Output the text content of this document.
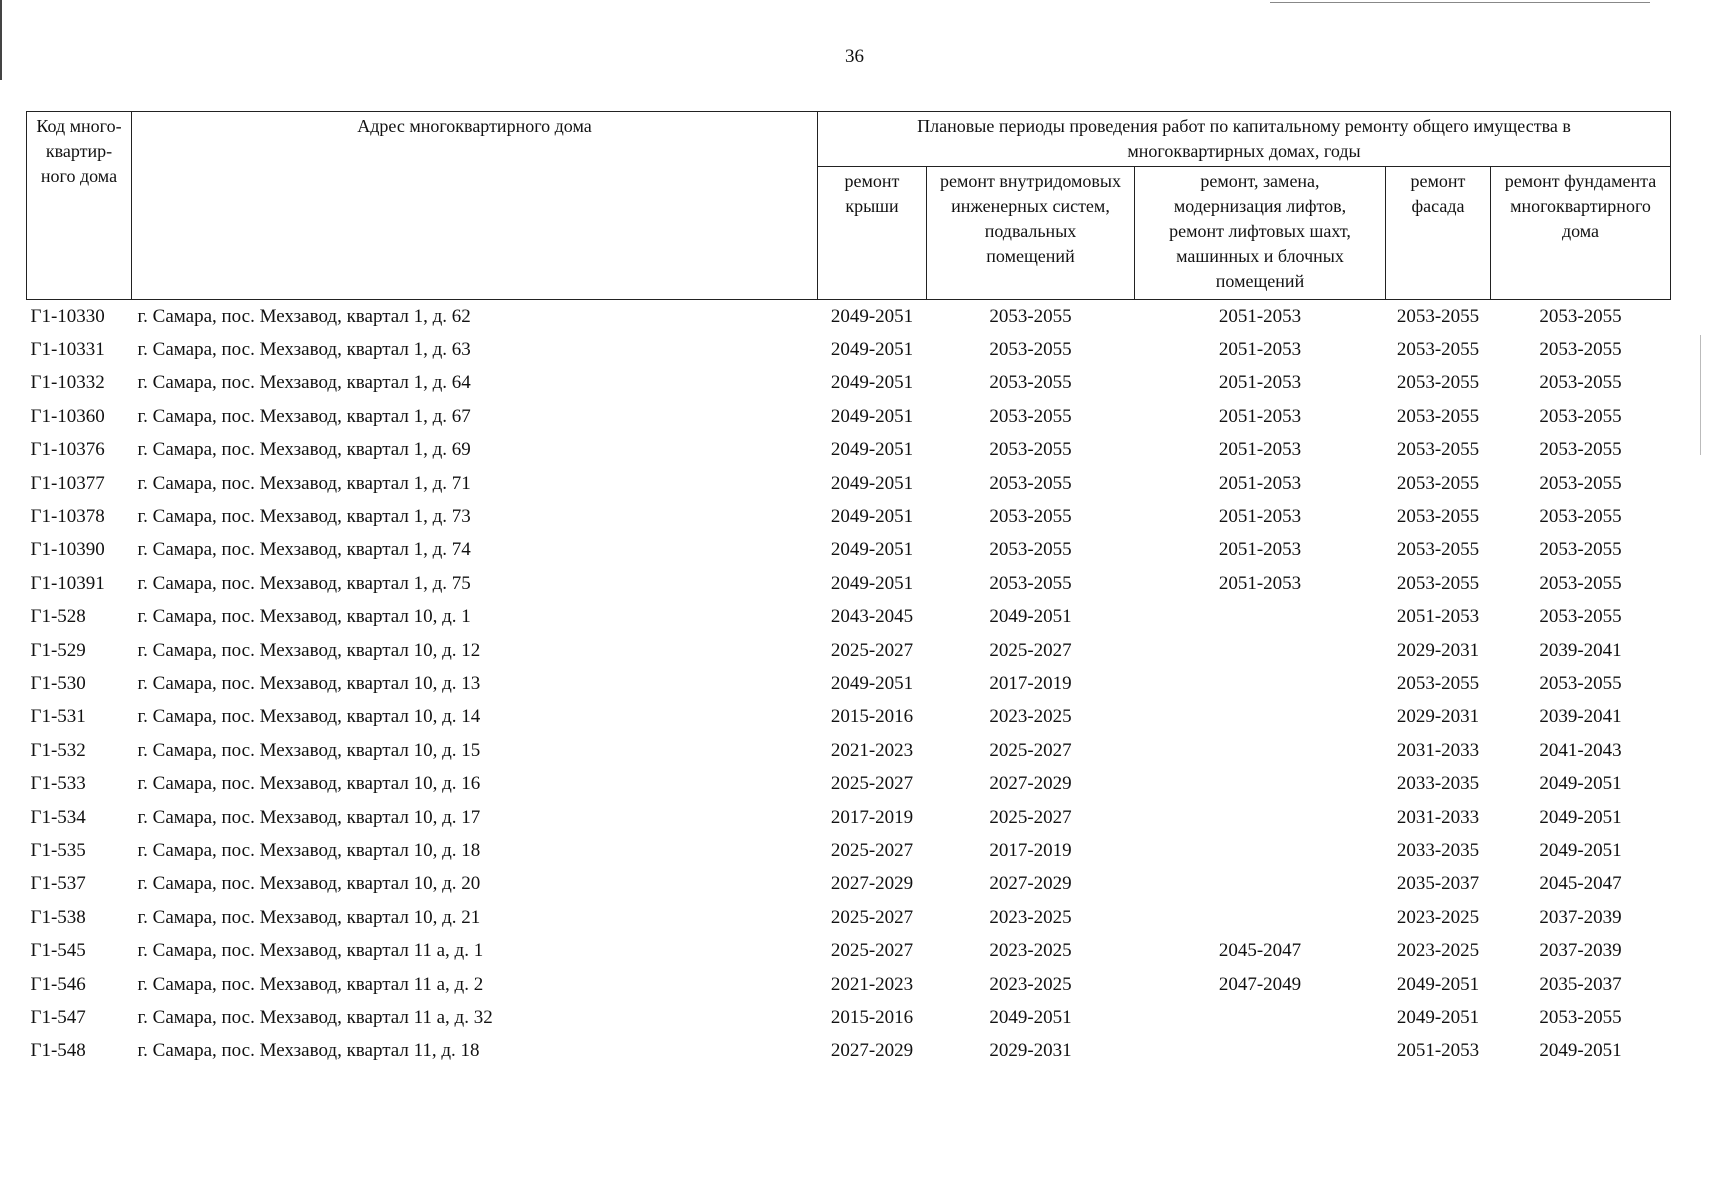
36
Код много-квартир-ного дома	Адрес многоквартирного дома	Плановые периоды проведения работ по капитальному ремонту общего имущества в многоквартирных домах, годы				
		ремонт крыши	ремонт внутридомовых инженерных систем, подвальных помещений	ремонт, замена, модернизация лифтов, ремонт лифтовых шахт, машинных и блочных помещений	ремонт фасада	ремонт фундамента многоквартирного дома
Г1-10330	г. Самара, пос. Мехзавод, квартал 1, д. 62	2049-2051	2053-2055	2051-2053	2053-2055	2053-2055
Г1-10331	г. Самара, пос. Мехзавод, квартал 1, д. 63	2049-2051	2053-2055	2051-2053	2053-2055	2053-2055
Г1-10332	г. Самара, пос. Мехзавод, квартал 1, д. 64	2049-2051	2053-2055	2051-2053	2053-2055	2053-2055
Г1-10360	г. Самара, пос. Мехзавод, квартал 1, д. 67	2049-2051	2053-2055	2051-2053	2053-2055	2053-2055
Г1-10376	г. Самара, пос. Мехзавод, квартал 1, д. 69	2049-2051	2053-2055	2051-2053	2053-2055	2053-2055
Г1-10377	г. Самара, пос. Мехзавод, квартал 1, д. 71	2049-2051	2053-2055	2051-2053	2053-2055	2053-2055
Г1-10378	г. Самара, пос. Мехзавод, квартал 1, д. 73	2049-2051	2053-2055	2051-2053	2053-2055	2053-2055
Г1-10390	г. Самара, пос. Мехзавод, квартал 1, д. 74	2049-2051	2053-2055	2051-2053	2053-2055	2053-2055
Г1-10391	г. Самара, пос. Мехзавод, квартал 1, д. 75	2049-2051	2053-2055	2051-2053	2053-2055	2053-2055
Г1-528	г. Самара, пос. Мехзавод, квартал 10, д. 1	2043-2045	2049-2051		2051-2053	2053-2055
Г1-529	г. Самара, пос. Мехзавод, квартал 10, д. 12	2025-2027	2025-2027		2029-2031	2039-2041
Г1-530	г. Самара, пос. Мехзавод, квартал 10, д. 13	2049-2051	2017-2019		2053-2055	2053-2055
Г1-531	г. Самара, пос. Мехзавод, квартал 10, д. 14	2015-2016	2023-2025		2029-2031	2039-2041
Г1-532	г. Самара, пос. Мехзавод, квартал 10, д. 15	2021-2023	2025-2027		2031-2033	2041-2043
Г1-533	г. Самара, пос. Мехзавод, квартал 10, д. 16	2025-2027	2027-2029		2033-2035	2049-2051
Г1-534	г. Самара, пос. Мехзавод, квартал 10, д. 17	2017-2019	2025-2027		2031-2033	2049-2051
Г1-535	г. Самара, пос. Мехзавод, квартал 10, д. 18	2025-2027	2017-2019		2033-2035	2049-2051
Г1-537	г. Самара, пос. Мехзавод, квартал 10, д. 20	2027-2029	2027-2029		2035-2037	2045-2047
Г1-538	г. Самара, пос. Мехзавод, квартал 10, д. 21	2025-2027	2023-2025		2023-2025	2037-2039
Г1-545	г. Самара, пос. Мехзавод, квартал 11 а, д. 1	2025-2027	2023-2025	2045-2047	2023-2025	2037-2039
Г1-546	г. Самара, пос. Мехзавод, квартал 11 а, д. 2	2021-2023	2023-2025	2047-2049	2049-2051	2035-2037
Г1-547	г. Самара, пос. Мехзавод, квартал 11 а, д. 32	2015-2016	2049-2051		2049-2051	2053-2055
Г1-548	г. Самара, пос. Мехзавод, квартал 11, д. 18	2027-2029	2029-2031		2051-2053	2049-2051
